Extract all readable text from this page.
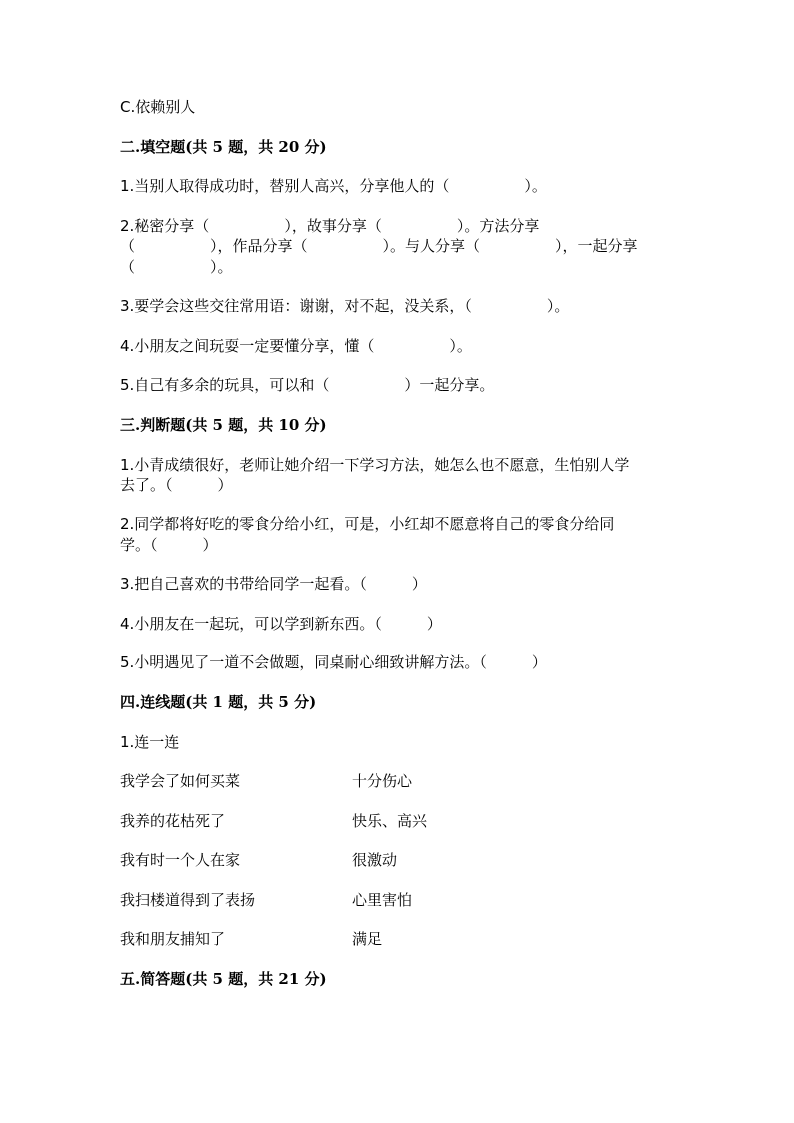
C.依赖别人
二.填空题(共 5 题，共 20 分)
1.当别人取得成功时，替别人高兴，分享他人的（　　　　　）。
2.秘密分享（　　　　　），故事分享（　　　　　）。方法分享
（　　　　　），作品分享（　　　　　）。与人分享（　　　　　），一起分享
（　　　　　）。
3.要学会这些交往常用语：谢谢，对不起，没关系，（　　　　　）。
4.小朋友之间玩耍一定要懂分享，懂（　　　　　）。
5.自己有多余的玩具，可以和（　　　　　）一起分享。
三.判断题(共 5 题，共 10 分)
1.小青成绩很好，老师让她介绍一下学习方法，她怎么也不愿意，生怕别人学
去了。（　　　）
2.同学都将好吃的零食分给小红，可是，小红却不愿意将自己的零食分给同
学。（　　　）
3.把自己喜欢的书带给同学一起看。（　　　）
4.小朋友在一起玩，可以学到新东西。（　　　）
5.小明遇见了一道不会做题，同桌耐心细致讲解方法。（　　　）
四.连线题(共 1 题，共 5 分)
1.连一连
我学会了如何买菜	十分伤心
我养的花枯死了	快乐、高兴
我有时一个人在家	很激动
我扫楼道得到了表扬	心里害怕
我和朋友捕知了	满足
五.简答题(共 5 题，共 21 分)
